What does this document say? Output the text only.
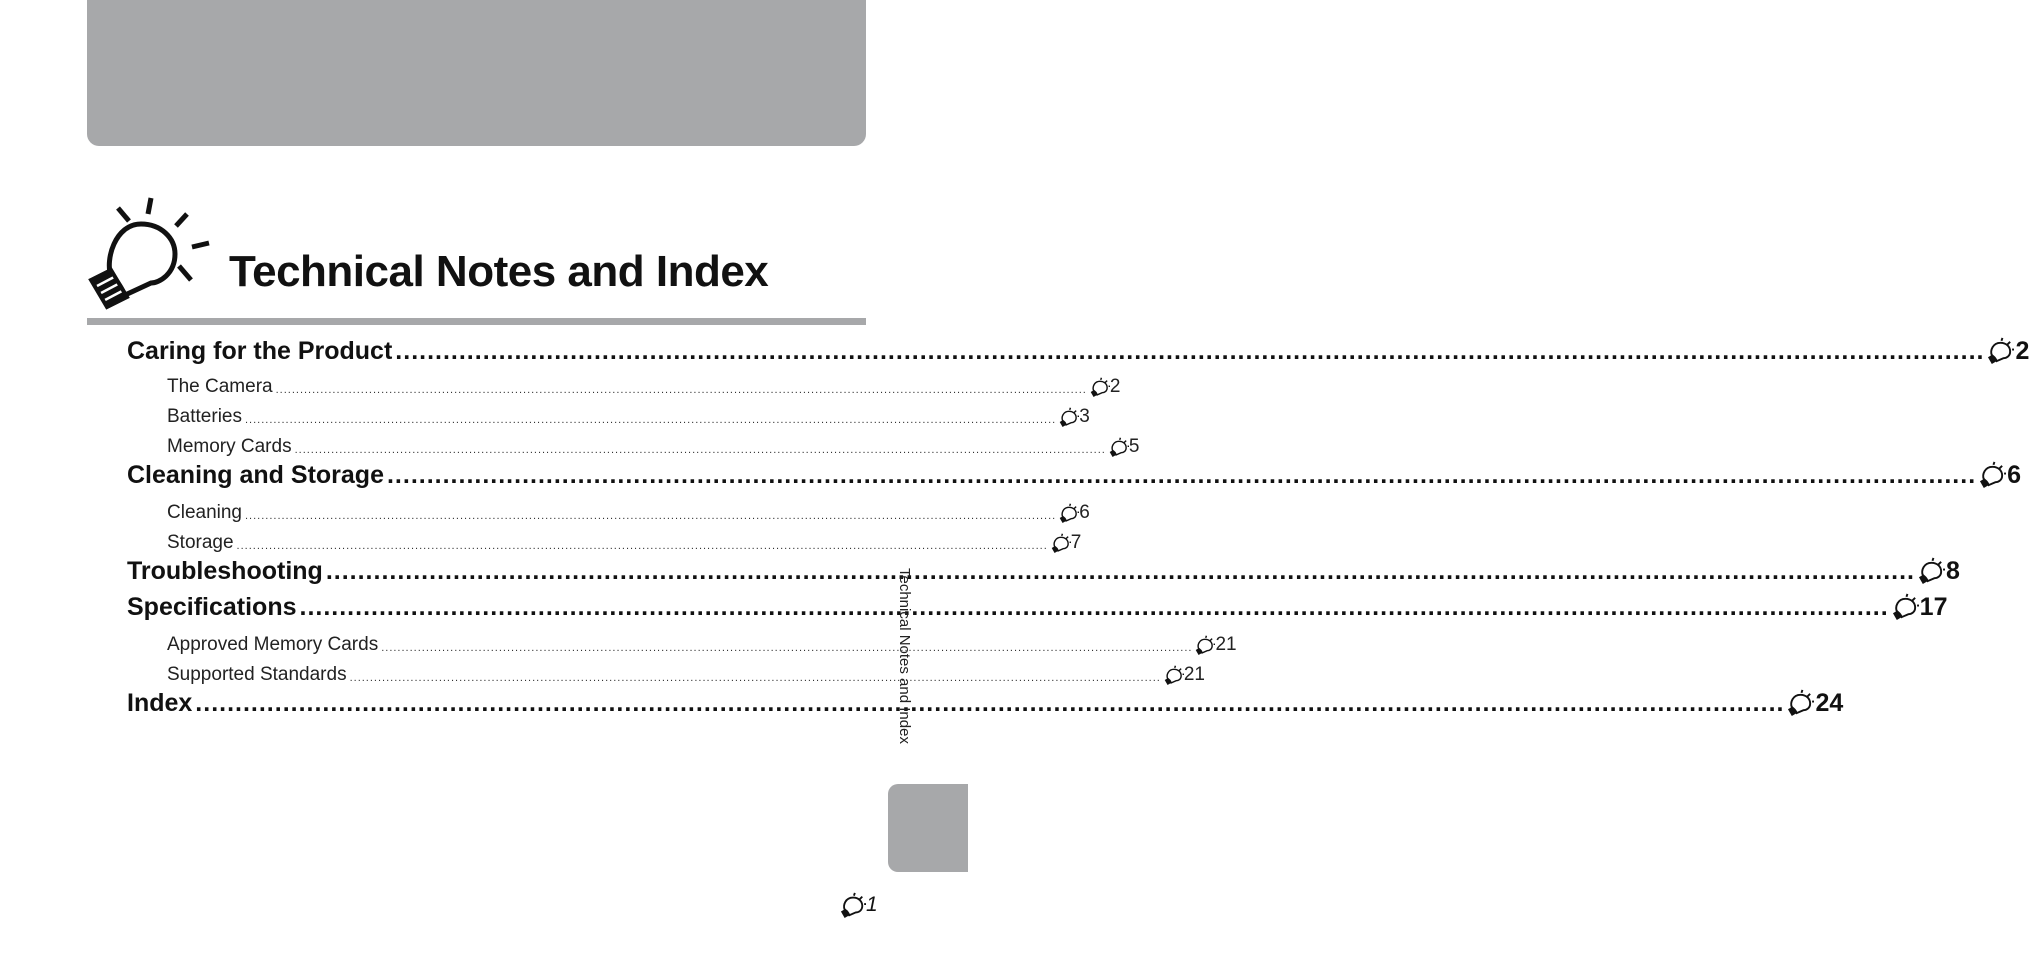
Technical Notes and Index
Caring for the Product ........................................................................................................................................................................................................ 2
The Camera ........................................................................................................................................................................................................ 2
Batteries ........................................................................................................................................................................................................ 3
Memory Cards ........................................................................................................................................................................................................ 5
Cleaning and Storage ........................................................................................................................................................................................................ 6
Cleaning ........................................................................................................................................................................................................ 6
Storage ........................................................................................................................................................................................................ 7
Troubleshooting ........................................................................................................................................................................................................ 8
Specifications ........................................................................................................................................................................................................ 17
Approved Memory Cards ........................................................................................................................................................................................................ 21
Supported Standards ........................................................................................................................................................................................................ 21
Index ........................................................................................................................................................................................................ 24
Technical Notes and Index
1
